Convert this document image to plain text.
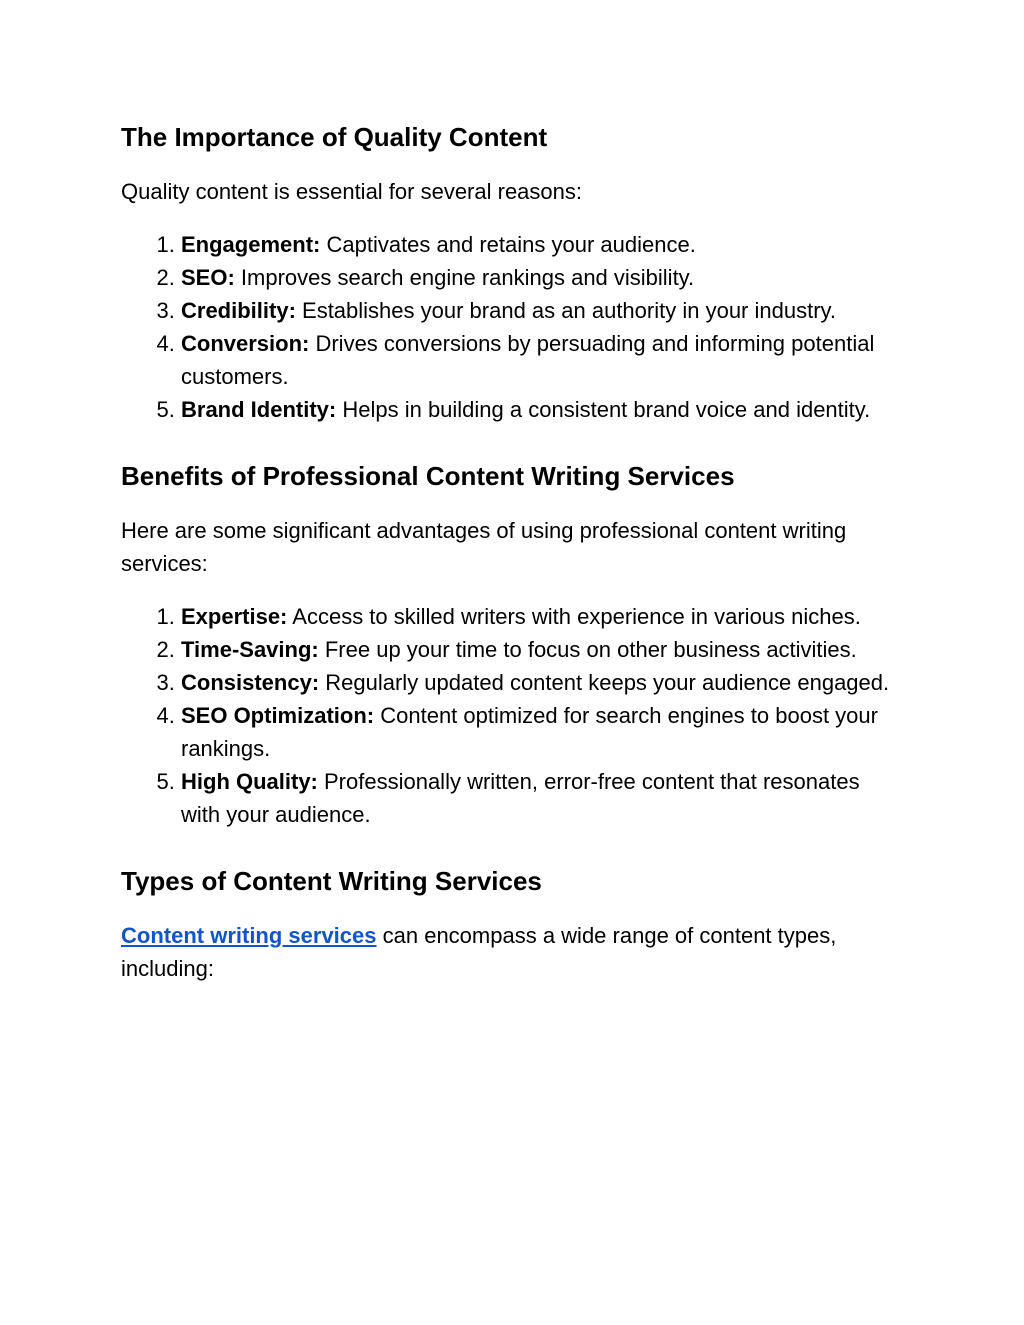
The Importance of Quality Content

Quality content is essential for several reasons:

1. Engagement: Captivates and retains your audience.
2. SEO: Improves search engine rankings and visibility.
3. Credibility: Establishes your brand as an authority in your industry.
4. Conversion: Drives conversions by persuading and informing potential customers.
5. Brand Identity: Helps in building a consistent brand voice and identity.
Benefits of Professional Content Writing Services

Here are some significant advantages of using professional content writing services:

1. Expertise: Access to skilled writers with experience in various niches.
2. Time-Saving: Free up your time to focus on other business activities.
3. Consistency: Regularly updated content keeps your audience engaged.
4. SEO Optimization: Content optimized for search engines to boost your rankings.
5. High Quality: Professionally written, error-free content that resonates with your audience.
Types of Content Writing Services

Content writing services can encompass a wide range of content types, including:
